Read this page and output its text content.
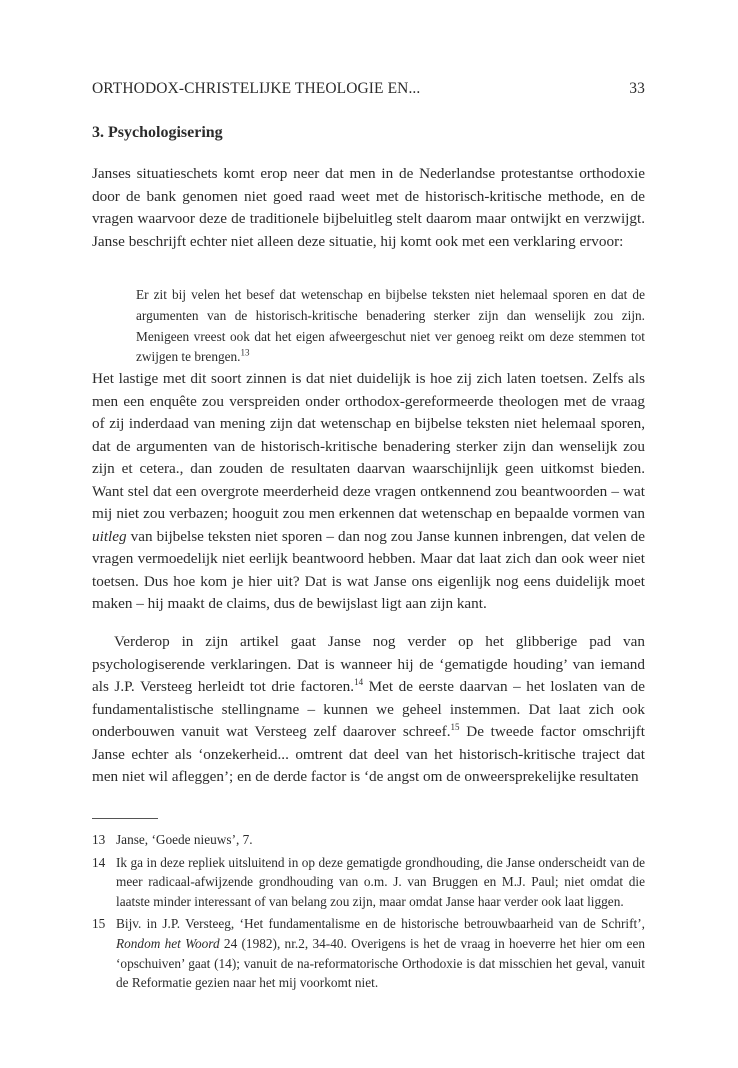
ORTHODOX-CHRISTELIJKE THEOLOGIE EN...	33
3. Psychologisering

Janses situatieschets komt erop neer dat men in de Nederlandse protestantse orthodoxie door de bank genomen niet goed raad weet met de historisch-kritische methode, en de vragen waarvoor deze de traditionele bijbeluitleg stelt daarom maar ontwijkt en verzwijgt. Janse beschrijft echter niet alleen deze situatie, hij komt ook met een verklaring ervoor:

Er zit bij velen het besef dat wetenschap en bijbelse teksten niet helemaal sporen en dat de argumenten van de historisch-kritische benadering sterker zijn dan wenselijk zou zijn. Menigeen vreest ook dat het eigen afweergeschut niet ver genoeg reikt om deze stemmen tot zwijgen te brengen.$^{13}$

Het lastige met dit soort zinnen is dat niet duidelijk is hoe zij zich laten toetsen. Zelfs als men een enquête zou verspreiden onder orthodox-gereformeerde theologen met de vraag of zij inderdaad van mening zijn dat wetenschap en bijbelse teksten niet helemaal sporen, dat de argumenten van de historisch-kritische benadering sterker zijn dan wenselijk zou zijn et cetera., dan zouden de resultaten daarvan waarschijnlijk geen uitkomst bieden. Want stel dat een overgrote meerderheid deze vragen ontkennend zou beantwoorden – wat mij niet zou verbazen; hooguit zou men erkennen dat wetenschap en bepaalde vormen van uitleg van bijbelse teksten niet sporen – dan nog zou Janse kunnen inbrengen, dat velen de vragen vermoedelijk niet eerlijk beantwoord hebben. Maar dat laat zich dan ook weer niet toetsen. Dus hoe kom je hier uit? Dat is wat Janse ons eigenlijk nog eens duidelijk moet maken – hij maakt de claims, dus de bewijslast ligt aan zijn kant.

Verderop in zijn artikel gaat Janse nog verder op het glibberige pad van psychologiserende verklaringen. Dat is wanneer hij de ‘gematigde houding’ van iemand als J.P. Versteeg herleidt tot drie factoren.$^{14}$ Met de eerste daarvan – het loslaten van de fundamentalistische stellingname – kunnen we geheel instemmen. Dat laat zich ook onderbouwen vanuit wat Versteeg zelf daarover schreef.$^{15}$ De tweede factor omschrijft Janse echter als ‘onzekerheid... omtrent dat deel van het historisch-kritische traject dat men niet wil afleggen’; en de derde factor is ‘de angst om de onweersprekelijke resultaten

13 Janse, ‘Goede nieuws’, 7.
14 Ik ga in deze repliek uitsluitend in op deze gematigde grondhouding, die Janse onderscheidt van de meer radicaal-afwijzende grondhouding van o.m. J. van Bruggen en M.J. Paul; niet omdat die laatste minder interessant of van belang zou zijn, maar omdat Janse haar verder ook laat liggen.
15 Bijv. in J.P. Versteeg, ‘Het fundamentalisme en de historische betrouwbaarheid van de Schrift’, Rondom het Woord 24 (1982), nr.2, 34-40. Overigens is het de vraag in hoeverre het hier om een ‘opschuiven’ gaat (14); vanuit de na-reformatorische Orthodoxie is dat misschien het geval, vanuit de Reformatie gezien naar het mij voorkomt niet.
